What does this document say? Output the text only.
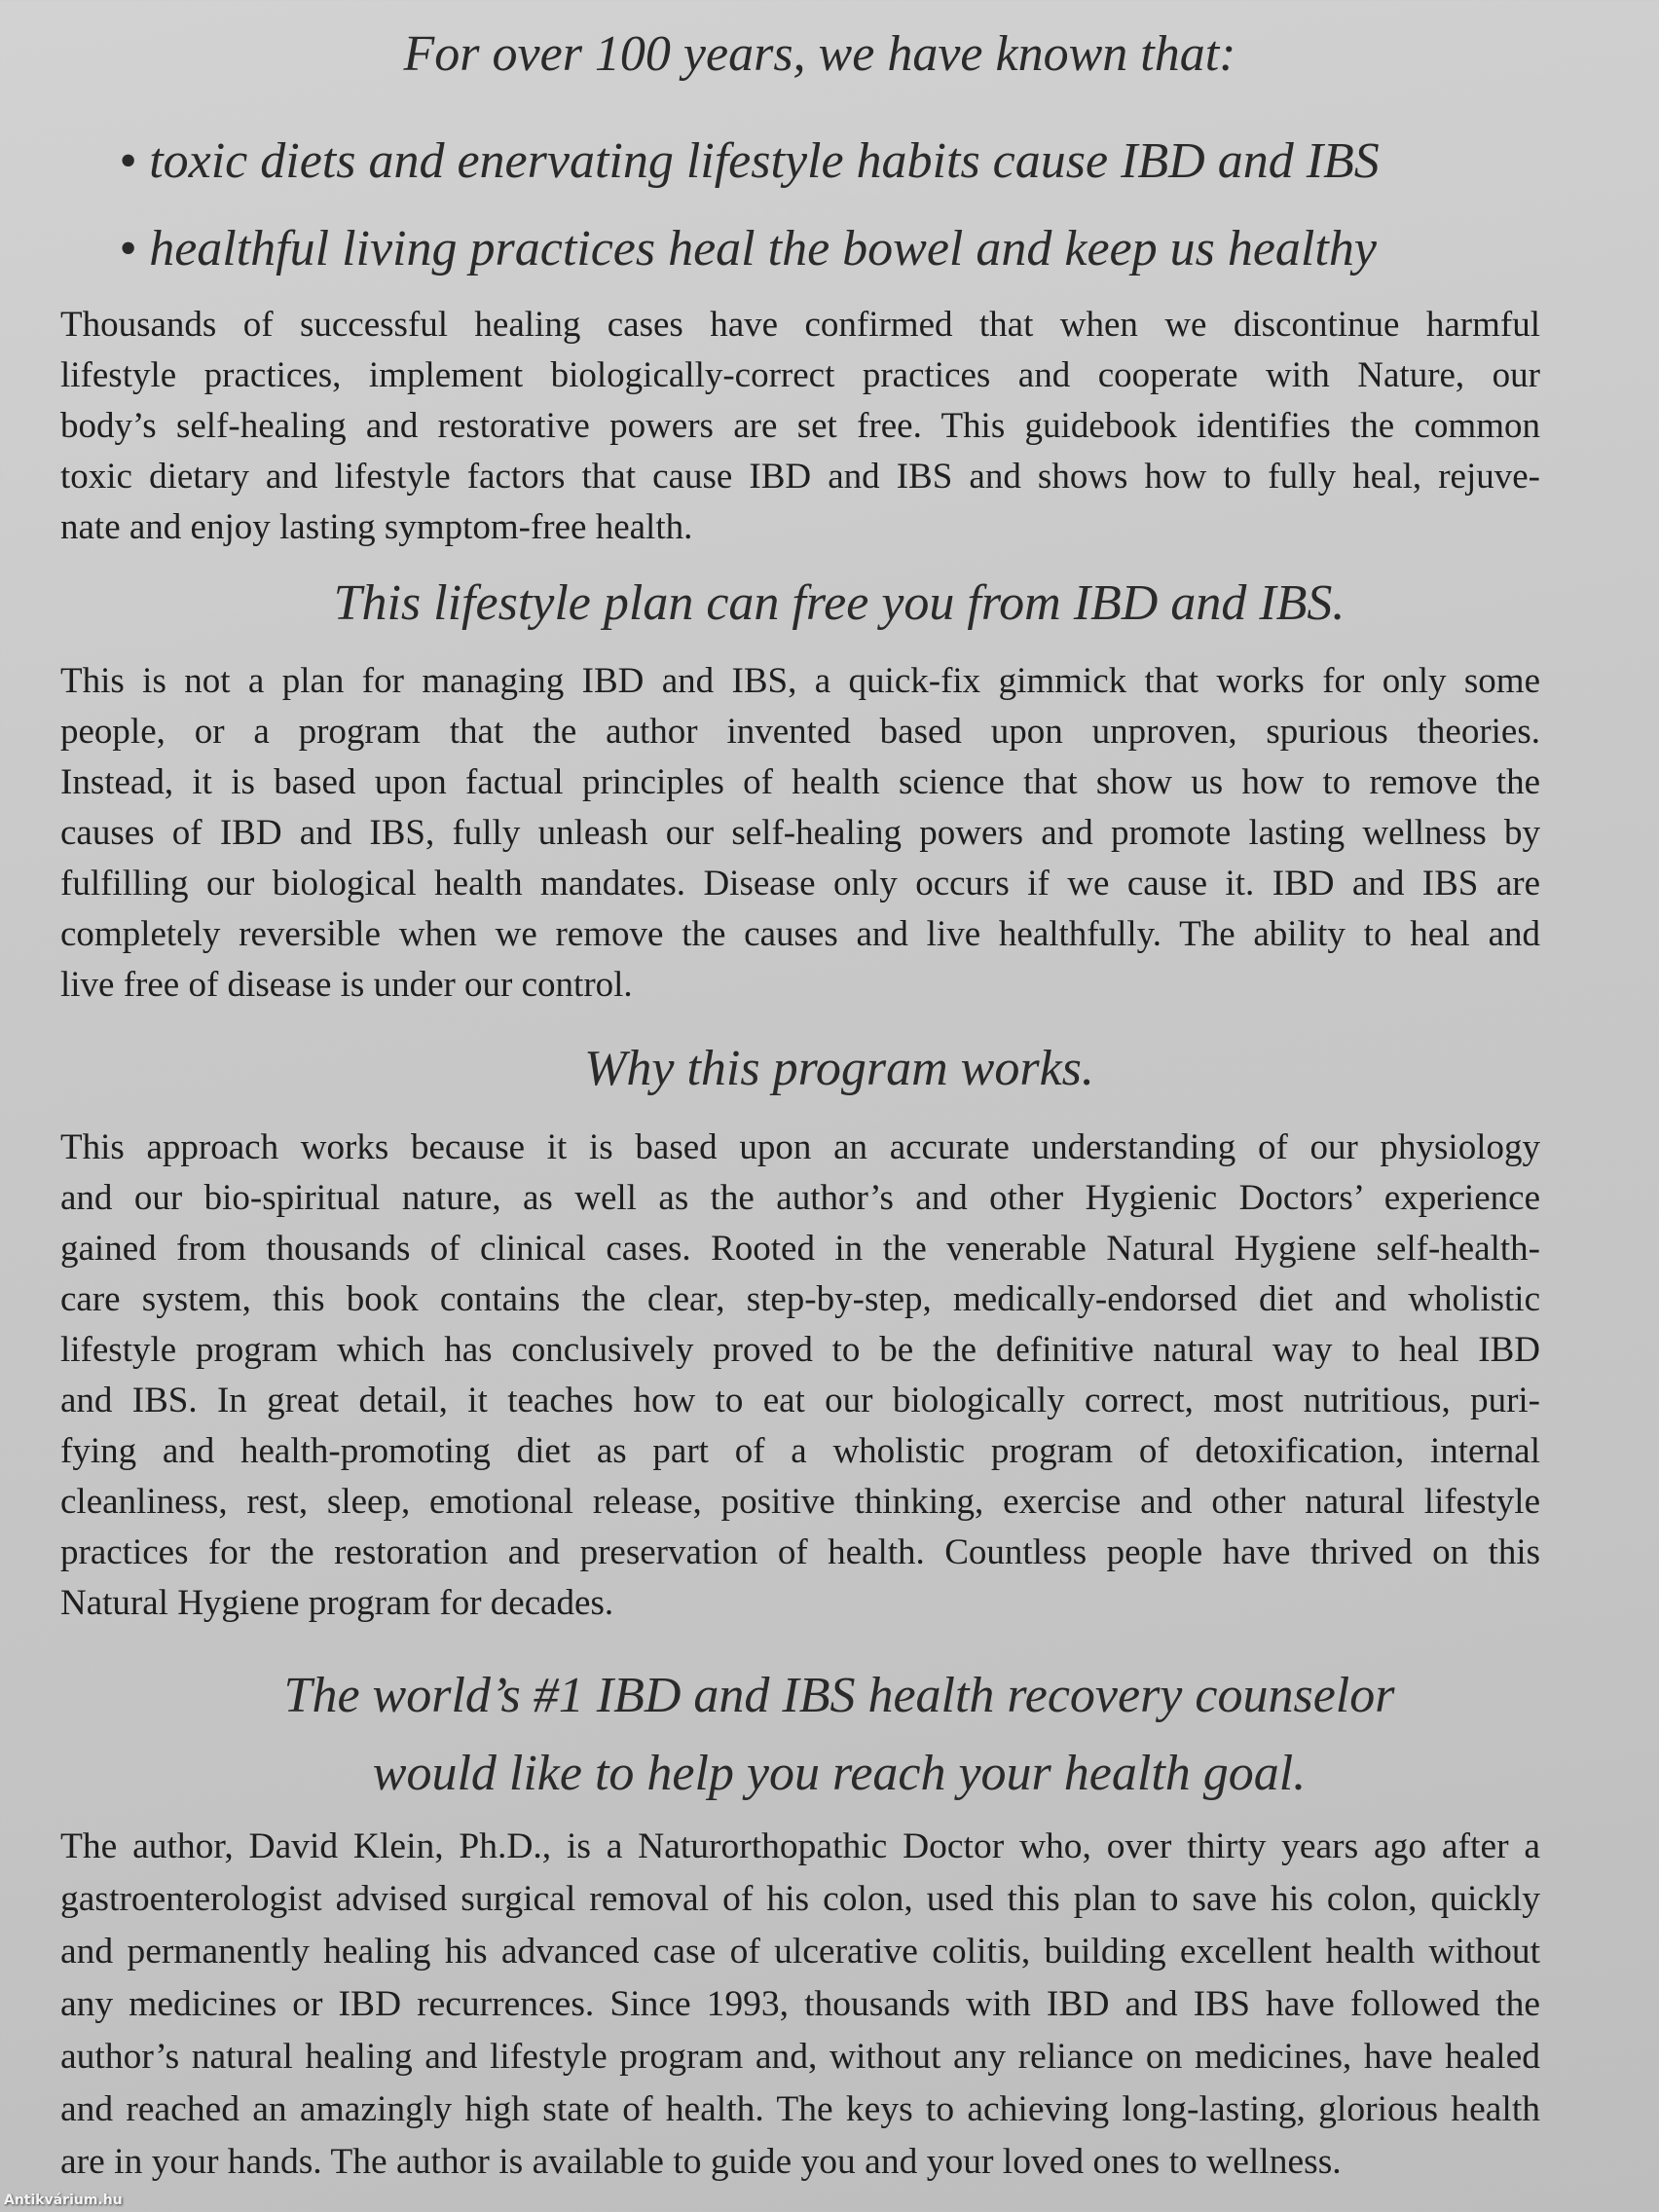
For over 100 years, we have known that:
• toxic diets and enervating lifestyle habits cause IBD and IBS
• healthful living practices heal the bowel and keep us healthy
Thousands of successful healing cases have confirmed that when we discontinue harmful
lifestyle practices, implement biologically-correct practices and cooperate with Nature, our
body’s self-healing and restorative powers are set free. This guidebook identifies the common
toxic dietary and lifestyle factors that cause IBD and IBS and shows how to fully heal, rejuve-
nate and enjoy lasting symptom-free health.
This lifestyle plan can free you from IBD and IBS.
This is not a plan for managing IBD and IBS, a quick-fix gimmick that works for only some
people, or a program that the author invented based upon unproven, spurious theories.
Instead, it is based upon factual principles of health science that show us how to remove the
causes of IBD and IBS, fully unleash our self-healing powers and promote lasting wellness by
fulfilling our biological health mandates. Disease only occurs if we cause it. IBD and IBS are
completely reversible when we remove the causes and live healthfully. The ability to heal and
live free of disease is under our control.
Why this program works.
This approach works because it is based upon an accurate understanding of our physiology
and our bio-spiritual nature, as well as the author’s and other Hygienic Doctors’ experience
gained from thousands of clinical cases. Rooted in the venerable Natural Hygiene self-health-
care system, this book contains the clear, step-by-step, medically-endorsed diet and wholistic
lifestyle program which has conclusively proved to be the definitive natural way to heal IBD
and IBS. In great detail, it teaches how to eat our biologically correct, most nutritious, puri-
fying and health-promoting diet as part of a wholistic program of detoxification, internal
cleanliness, rest, sleep, emotional release, positive thinking, exercise and other natural lifestyle
practices for the restoration and preservation of health. Countless people have thrived on this
Natural Hygiene program for decades.
The world’s #1 IBD and IBS health recovery counselor
would like to help you reach your health goal.
The author, David Klein, Ph.D., is a Naturorthopathic Doctor who, over thirty years ago after a
gastroenterologist advised surgical removal of his colon, used this plan to save his colon, quickly
and permanently healing his advanced case of ulcerative colitis, building excellent health without
any medicines or IBD recurrences. Since 1993, thousands with IBD and IBS have followed the
author’s natural healing and lifestyle program and, without any reliance on medicines, have healed
and reached an amazingly high state of health. The keys to achieving long-lasting, glorious health
are in your hands. The author is available to guide you and your loved ones to wellness.
Antikvárium.hu
